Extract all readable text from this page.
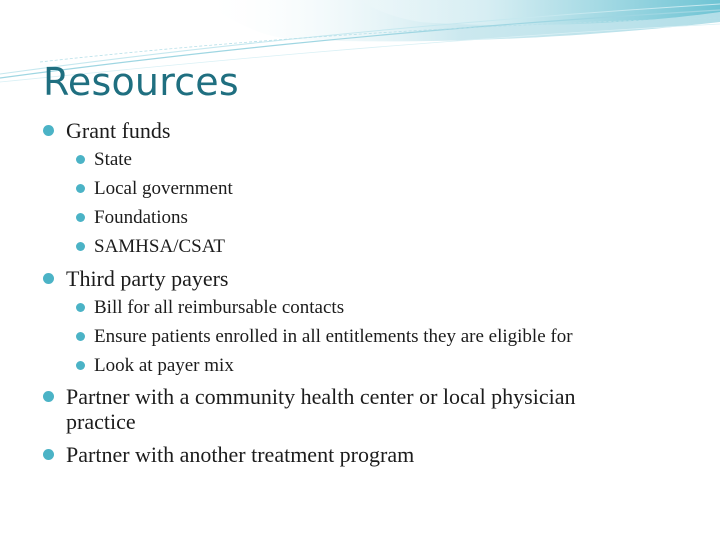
Resources
Grant funds
State
Local government
Foundations
SAMHSA/CSAT
Third party payers
Bill for all reimbursable contacts
Ensure patients enrolled in all entitlements they are eligible for
Look at payer mix
Partner with a community health center or local physician
practice
Partner with another treatment program
